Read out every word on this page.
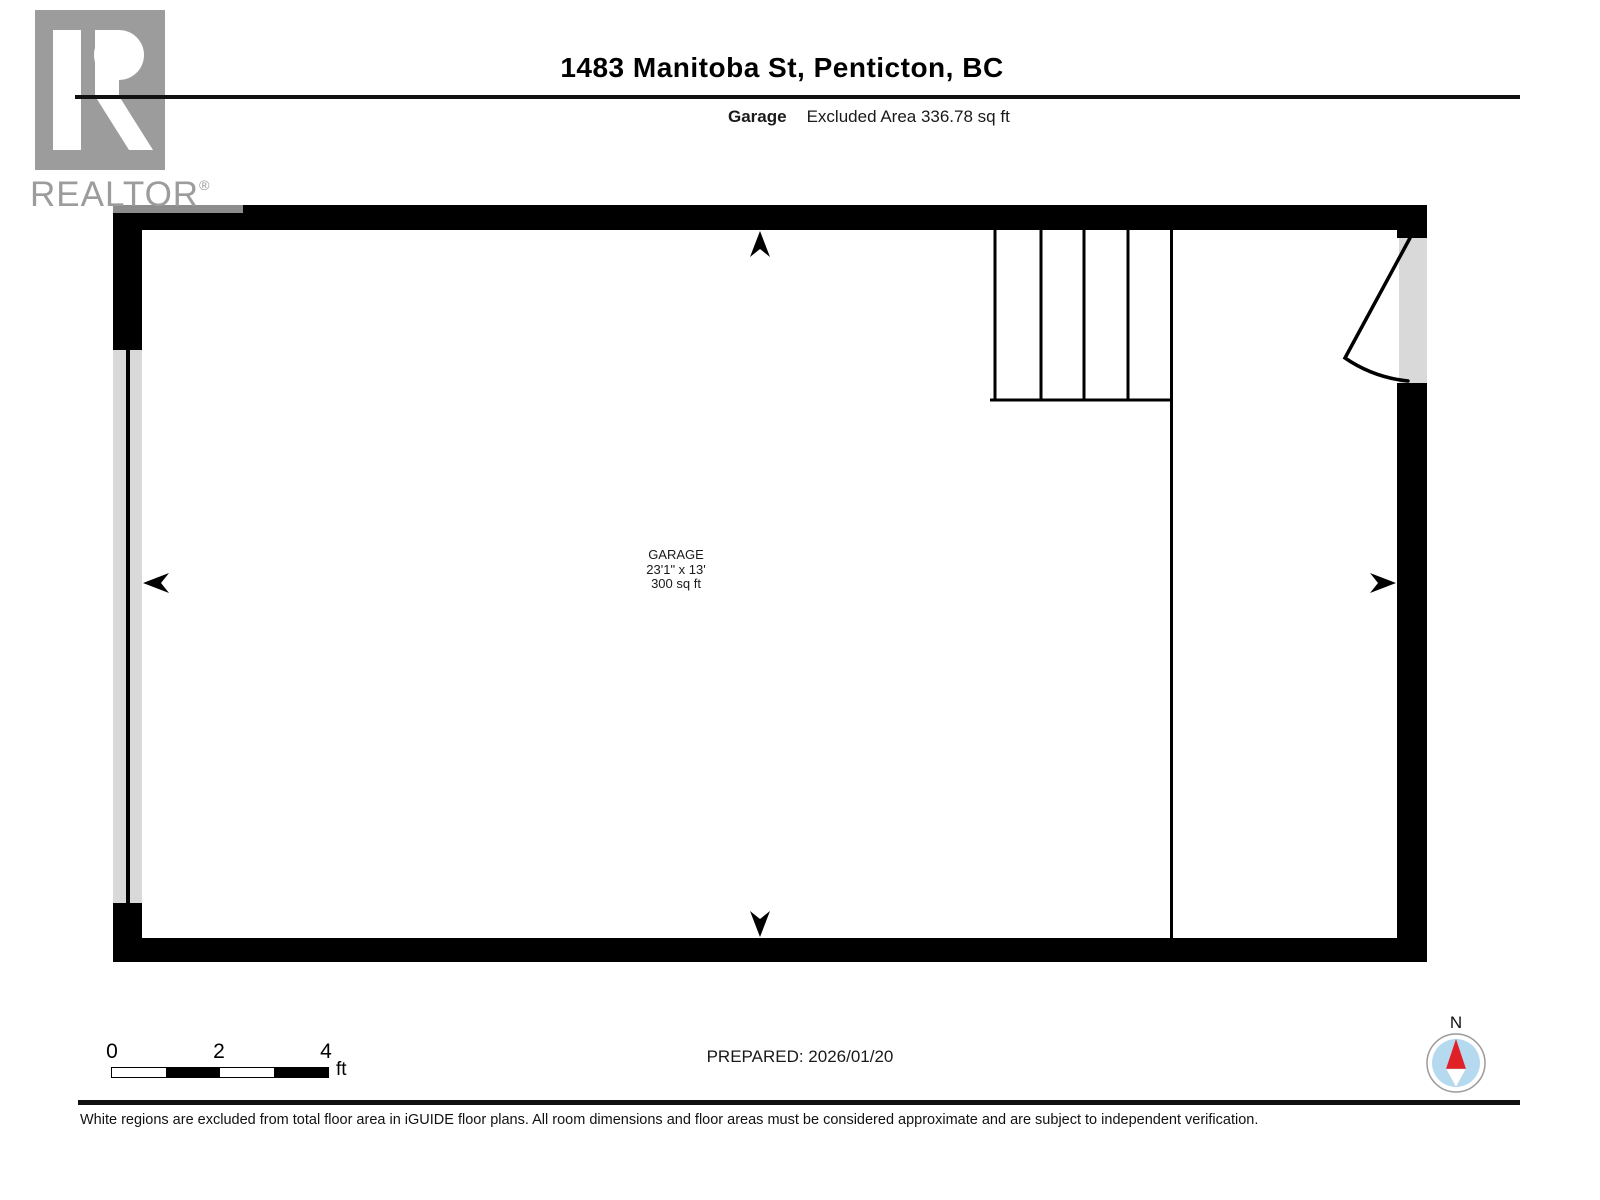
GARAGE
23'1" x 13'
300 sq ft
REALTOR®
1483 Manitoba St, Penticton, BC
Garage Excluded Area 336.78 sq ft
0	2	4
ft
PREPARED: 2026/01/20
N
White regions are excluded from total floor area in iGUIDE floor plans. All room dimensions and floor areas must be considered approximate and are subject to independent verification.
